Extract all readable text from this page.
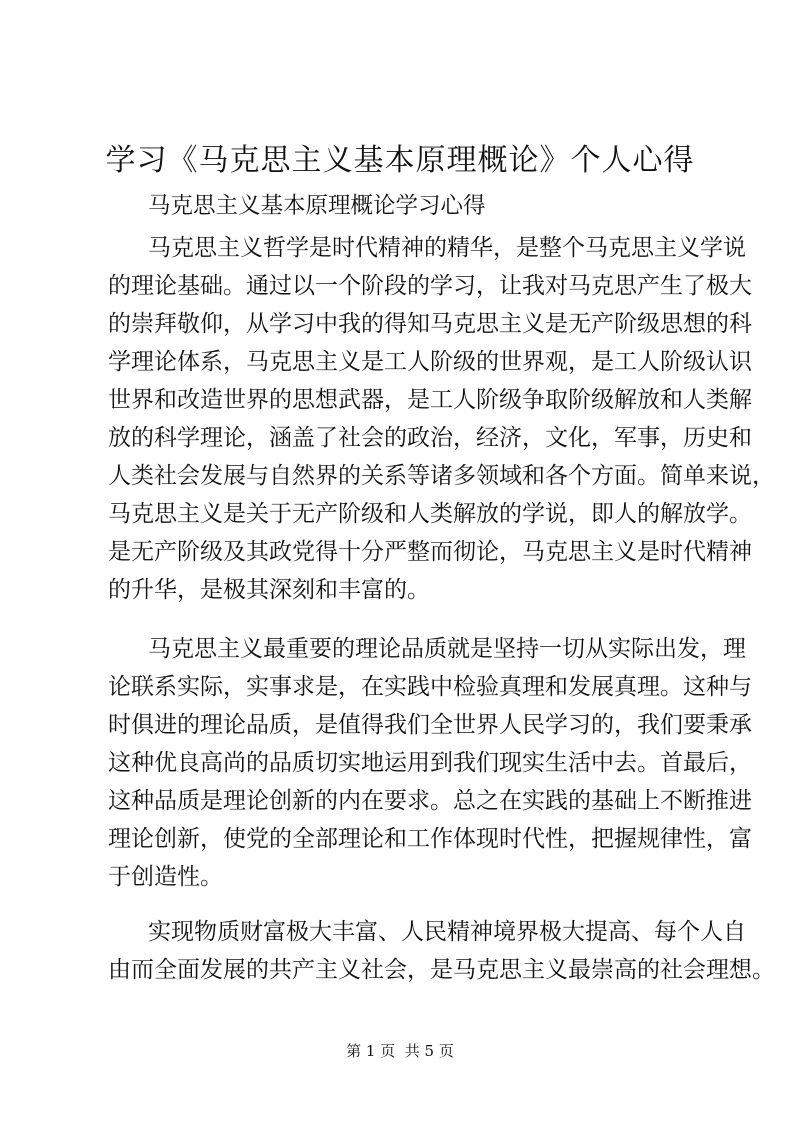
学习《马克思主义基本原理概论》个人心得
马克思主义基本原理概论学习心得
马克思主义哲学是时代精神的精华，是整个马克思主义学说
的理论基础。通过以一个阶段的学习，让我对马克思产生了极大
的崇拜敬仰，从学习中我的得知马克思主义是无产阶级思想的科
学理论体系，马克思主义是工人阶级的世界观，是工人阶级认识
世界和改造世界的思想武器，是工人阶级争取阶级解放和人类解
放的科学理论，涵盖了社会的政治，经济，文化，军事，历史和
人类社会发展与自然界的关系等诸多领域和各个方面。简单来说，
马克思主义是关于无产阶级和人类解放的学说，即人的解放学。
是无产阶级及其政党得十分严整而彻论，马克思主义是时代精神
的升华，是极其深刻和丰富的。
马克思主义最重要的理论品质就是坚持一切从实际出发，理
论联系实际，实事求是，在实践中检验真理和发展真理。这种与
时俱进的理论品质，是值得我们全世界人民学习的，我们要秉承
这种优良高尚的品质切实地运用到我们现实生活中去。首最后，
这种品质是理论创新的内在要求。总之在实践的基础上不断推进
理论创新，使党的全部理论和工作体现时代性，把握规律性，富
于创造性。
实现物质财富极大丰富、人民精神境界极大提高、每个人自
由而全面发展的共产主义社会，是马克思主义最崇高的社会理想。
第 1 页  共 5 页
